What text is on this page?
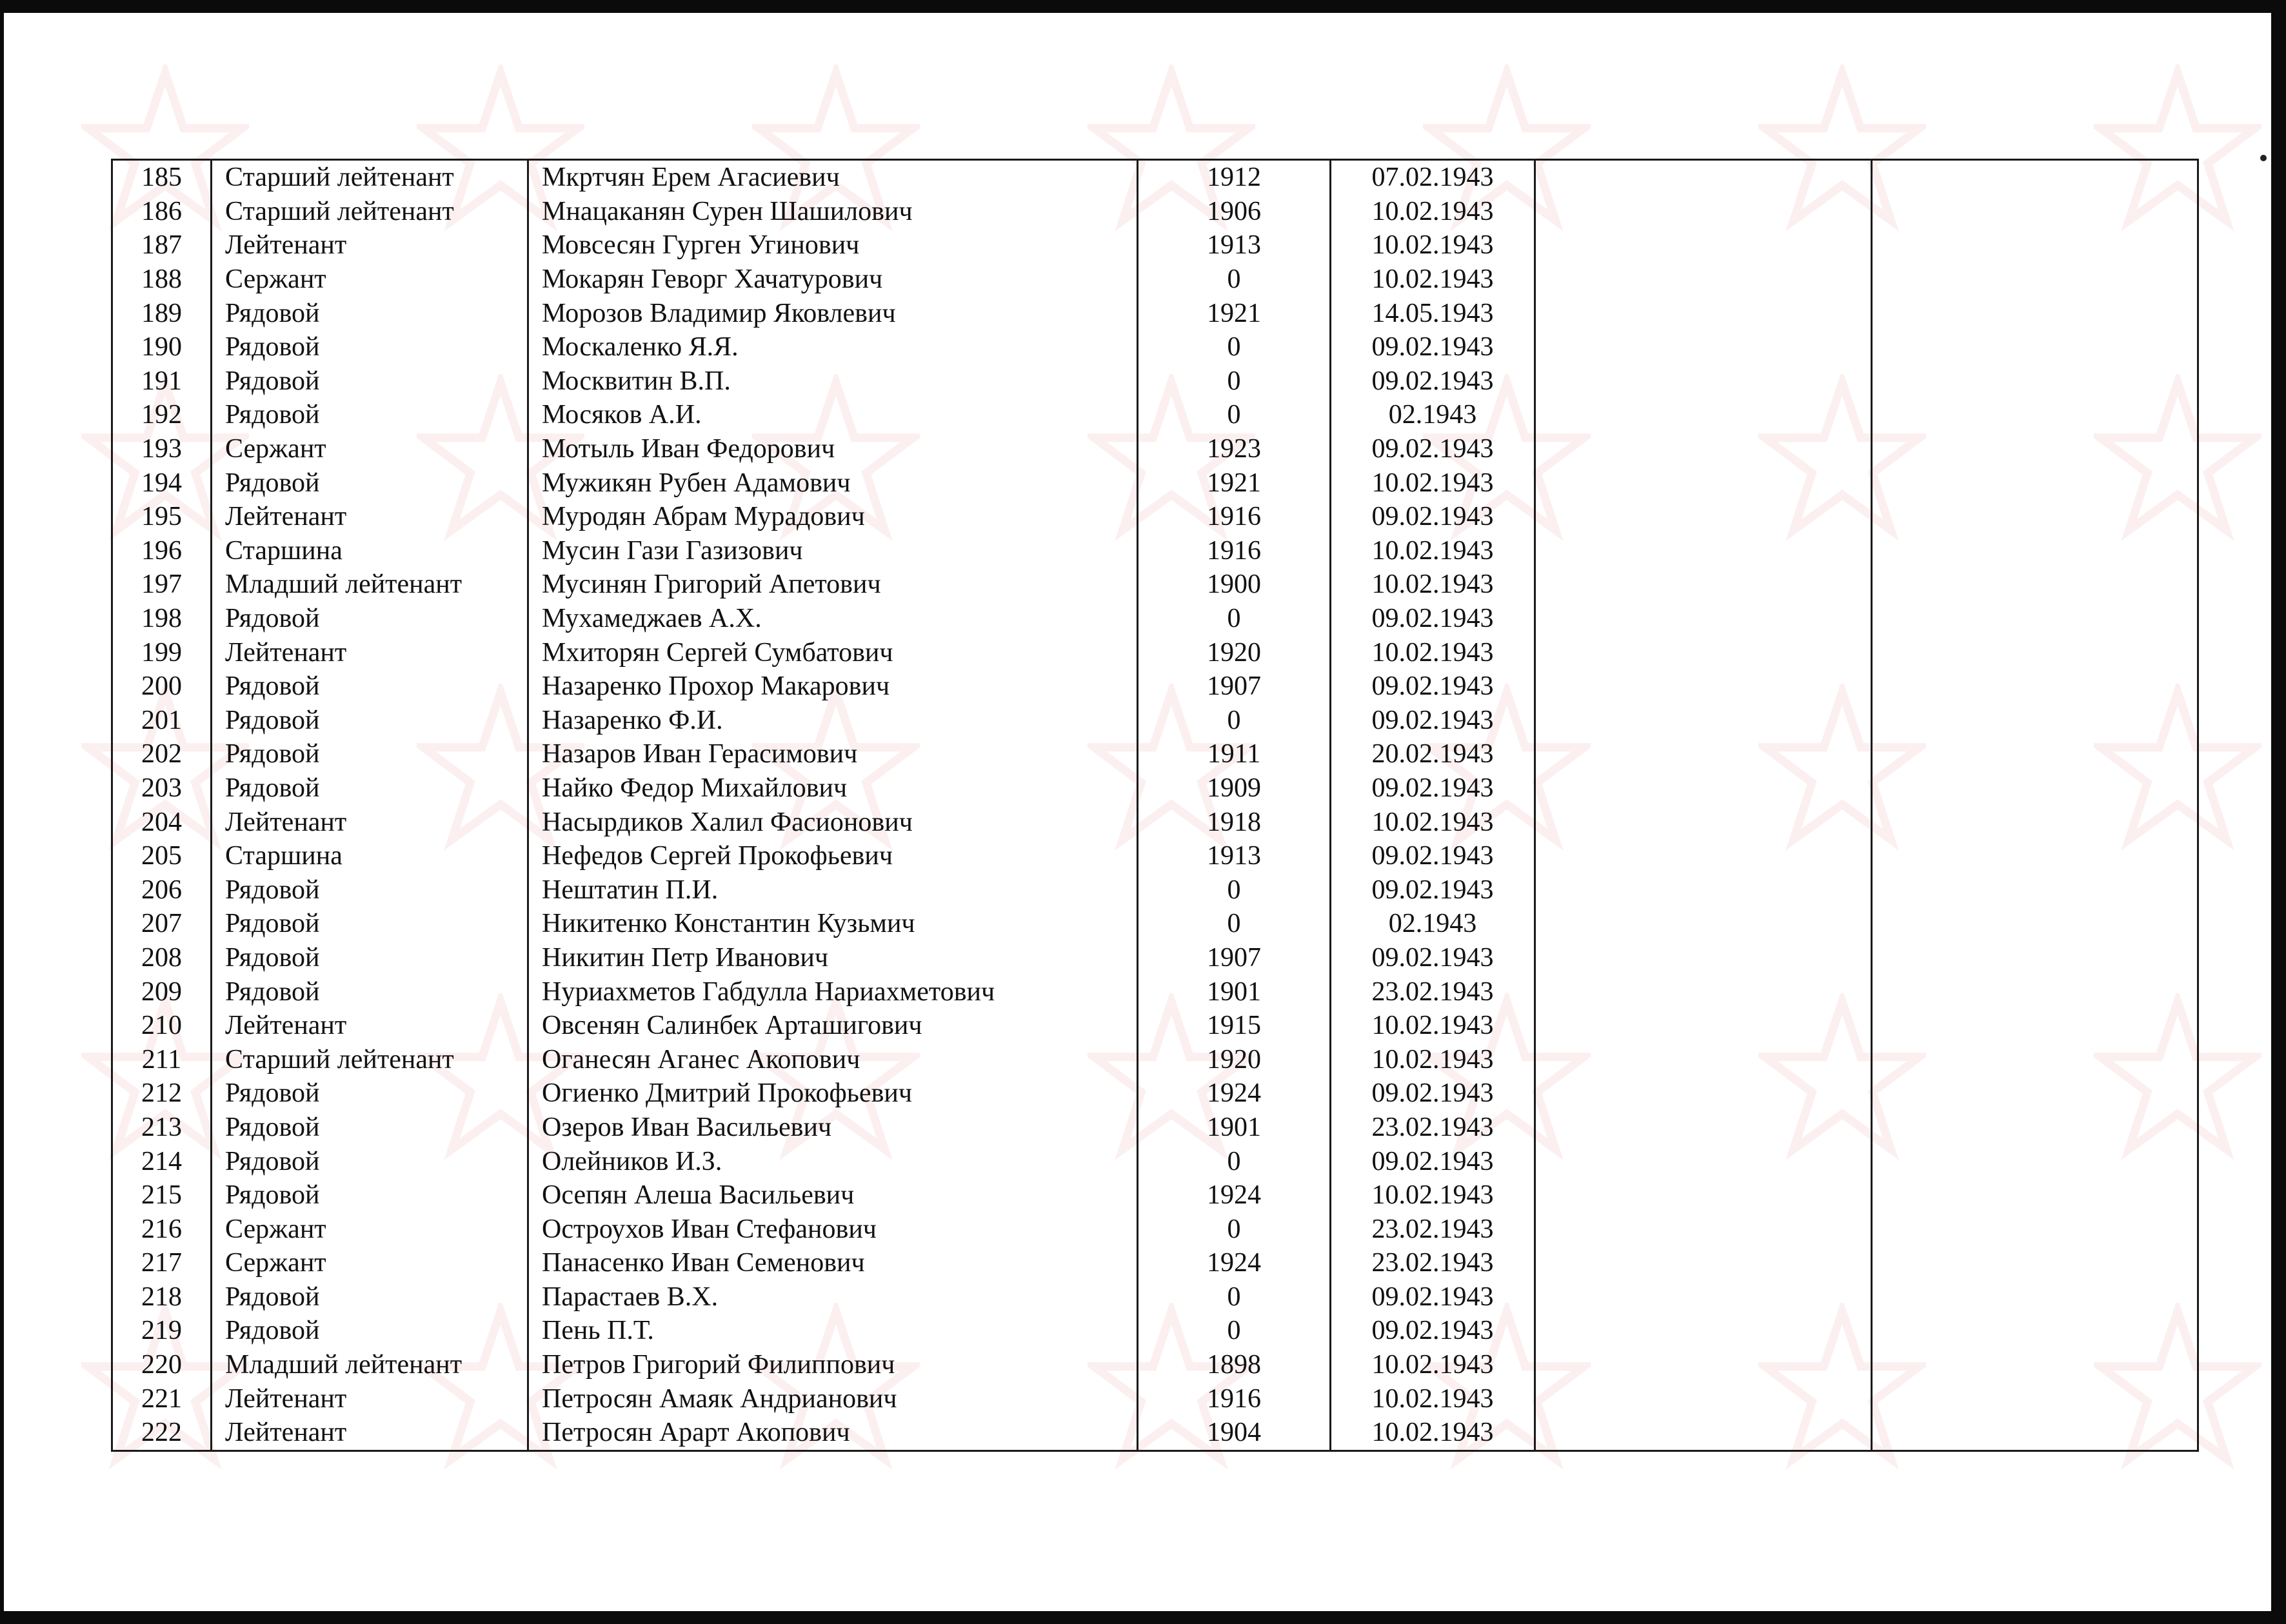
185	Старший лейтенант	Мкртчян Ерем Агасиевич	1912	07.02.1943		
186	Старший лейтенант	Мнацаканян Сурен Шашилович	1906	10.02.1943		
187	Лейтенант	Мовсесян Гурген Угинович	1913	10.02.1943		
188	Сержант	Мокарян Геворг Хачатурович	0	10.02.1943		
189	Рядовой	Морозов Владимир Яковлевич	1921	14.05.1943		
190	Рядовой	Москаленко Я.Я.	0	09.02.1943		
191	Рядовой	Москвитин В.П.	0	09.02.1943		
192	Рядовой	Мосяков А.И.	0	02.1943		
193	Сержант	Мотыль Иван Федорович	1923	09.02.1943		
194	Рядовой	Мужикян Рубен Адамович	1921	10.02.1943		
195	Лейтенант	Муродян Абрам Мурадович	1916	09.02.1943		
196	Старшина	Мусин Гази Газизович	1916	10.02.1943		
197	Младший лейтенант	Мусинян Григорий Апетович	1900	10.02.1943		
198	Рядовой	Мухамеджаев А.Х.	0	09.02.1943		
199	Лейтенант	Мхиторян Сергей Сумбатович	1920	10.02.1943		
200	Рядовой	Назаренко Прохор Макарович	1907	09.02.1943		
201	Рядовой	Назаренко Ф.И.	0	09.02.1943		
202	Рядовой	Назаров Иван Герасимович	1911	20.02.1943		
203	Рядовой	Найко Федор Михайлович	1909	09.02.1943		
204	Лейтенант	Насырдиков Халил Фасионович	1918	10.02.1943		
205	Старшина	Нефедов Сергей Прокофьевич	1913	09.02.1943		
206	Рядовой	Нештатин П.И.	0	09.02.1943		
207	Рядовой	Никитенко Константин Кузьмич	0	02.1943		
208	Рядовой	Никитин Петр Иванович	1907	09.02.1943		
209	Рядовой	Нуриахметов Габдулла Нариахметович	1901	23.02.1943		
210	Лейтенант	Овсенян Салинбек Арташигович	1915	10.02.1943		
211	Старший лейтенант	Оганесян Аганес Акопович	1920	10.02.1943		
212	Рядовой	Огиенко Дмитрий Прокофьевич	1924	09.02.1943		
213	Рядовой	Озеров Иван Васильевич	1901	23.02.1943		
214	Рядовой	Олейников И.З.	0	09.02.1943		
215	Рядовой	Осепян Алеша Васильевич	1924	10.02.1943		
216	Сержант	Остроухов Иван Стефанович	0	23.02.1943		
217	Сержант	Панасенко Иван Семенович	1924	23.02.1943		
218	Рядовой	Парастаев В.Х.	0	09.02.1943		
219	Рядовой	Пень П.Т.	0	09.02.1943		
220	Младший лейтенант	Петров Григорий Филиппович	1898	10.02.1943		
221	Лейтенант	Петросян Амаяк Андрианович	1916	10.02.1943		
222	Лейтенант	Петросян Арарт Акопович	1904	10.02.1943		
